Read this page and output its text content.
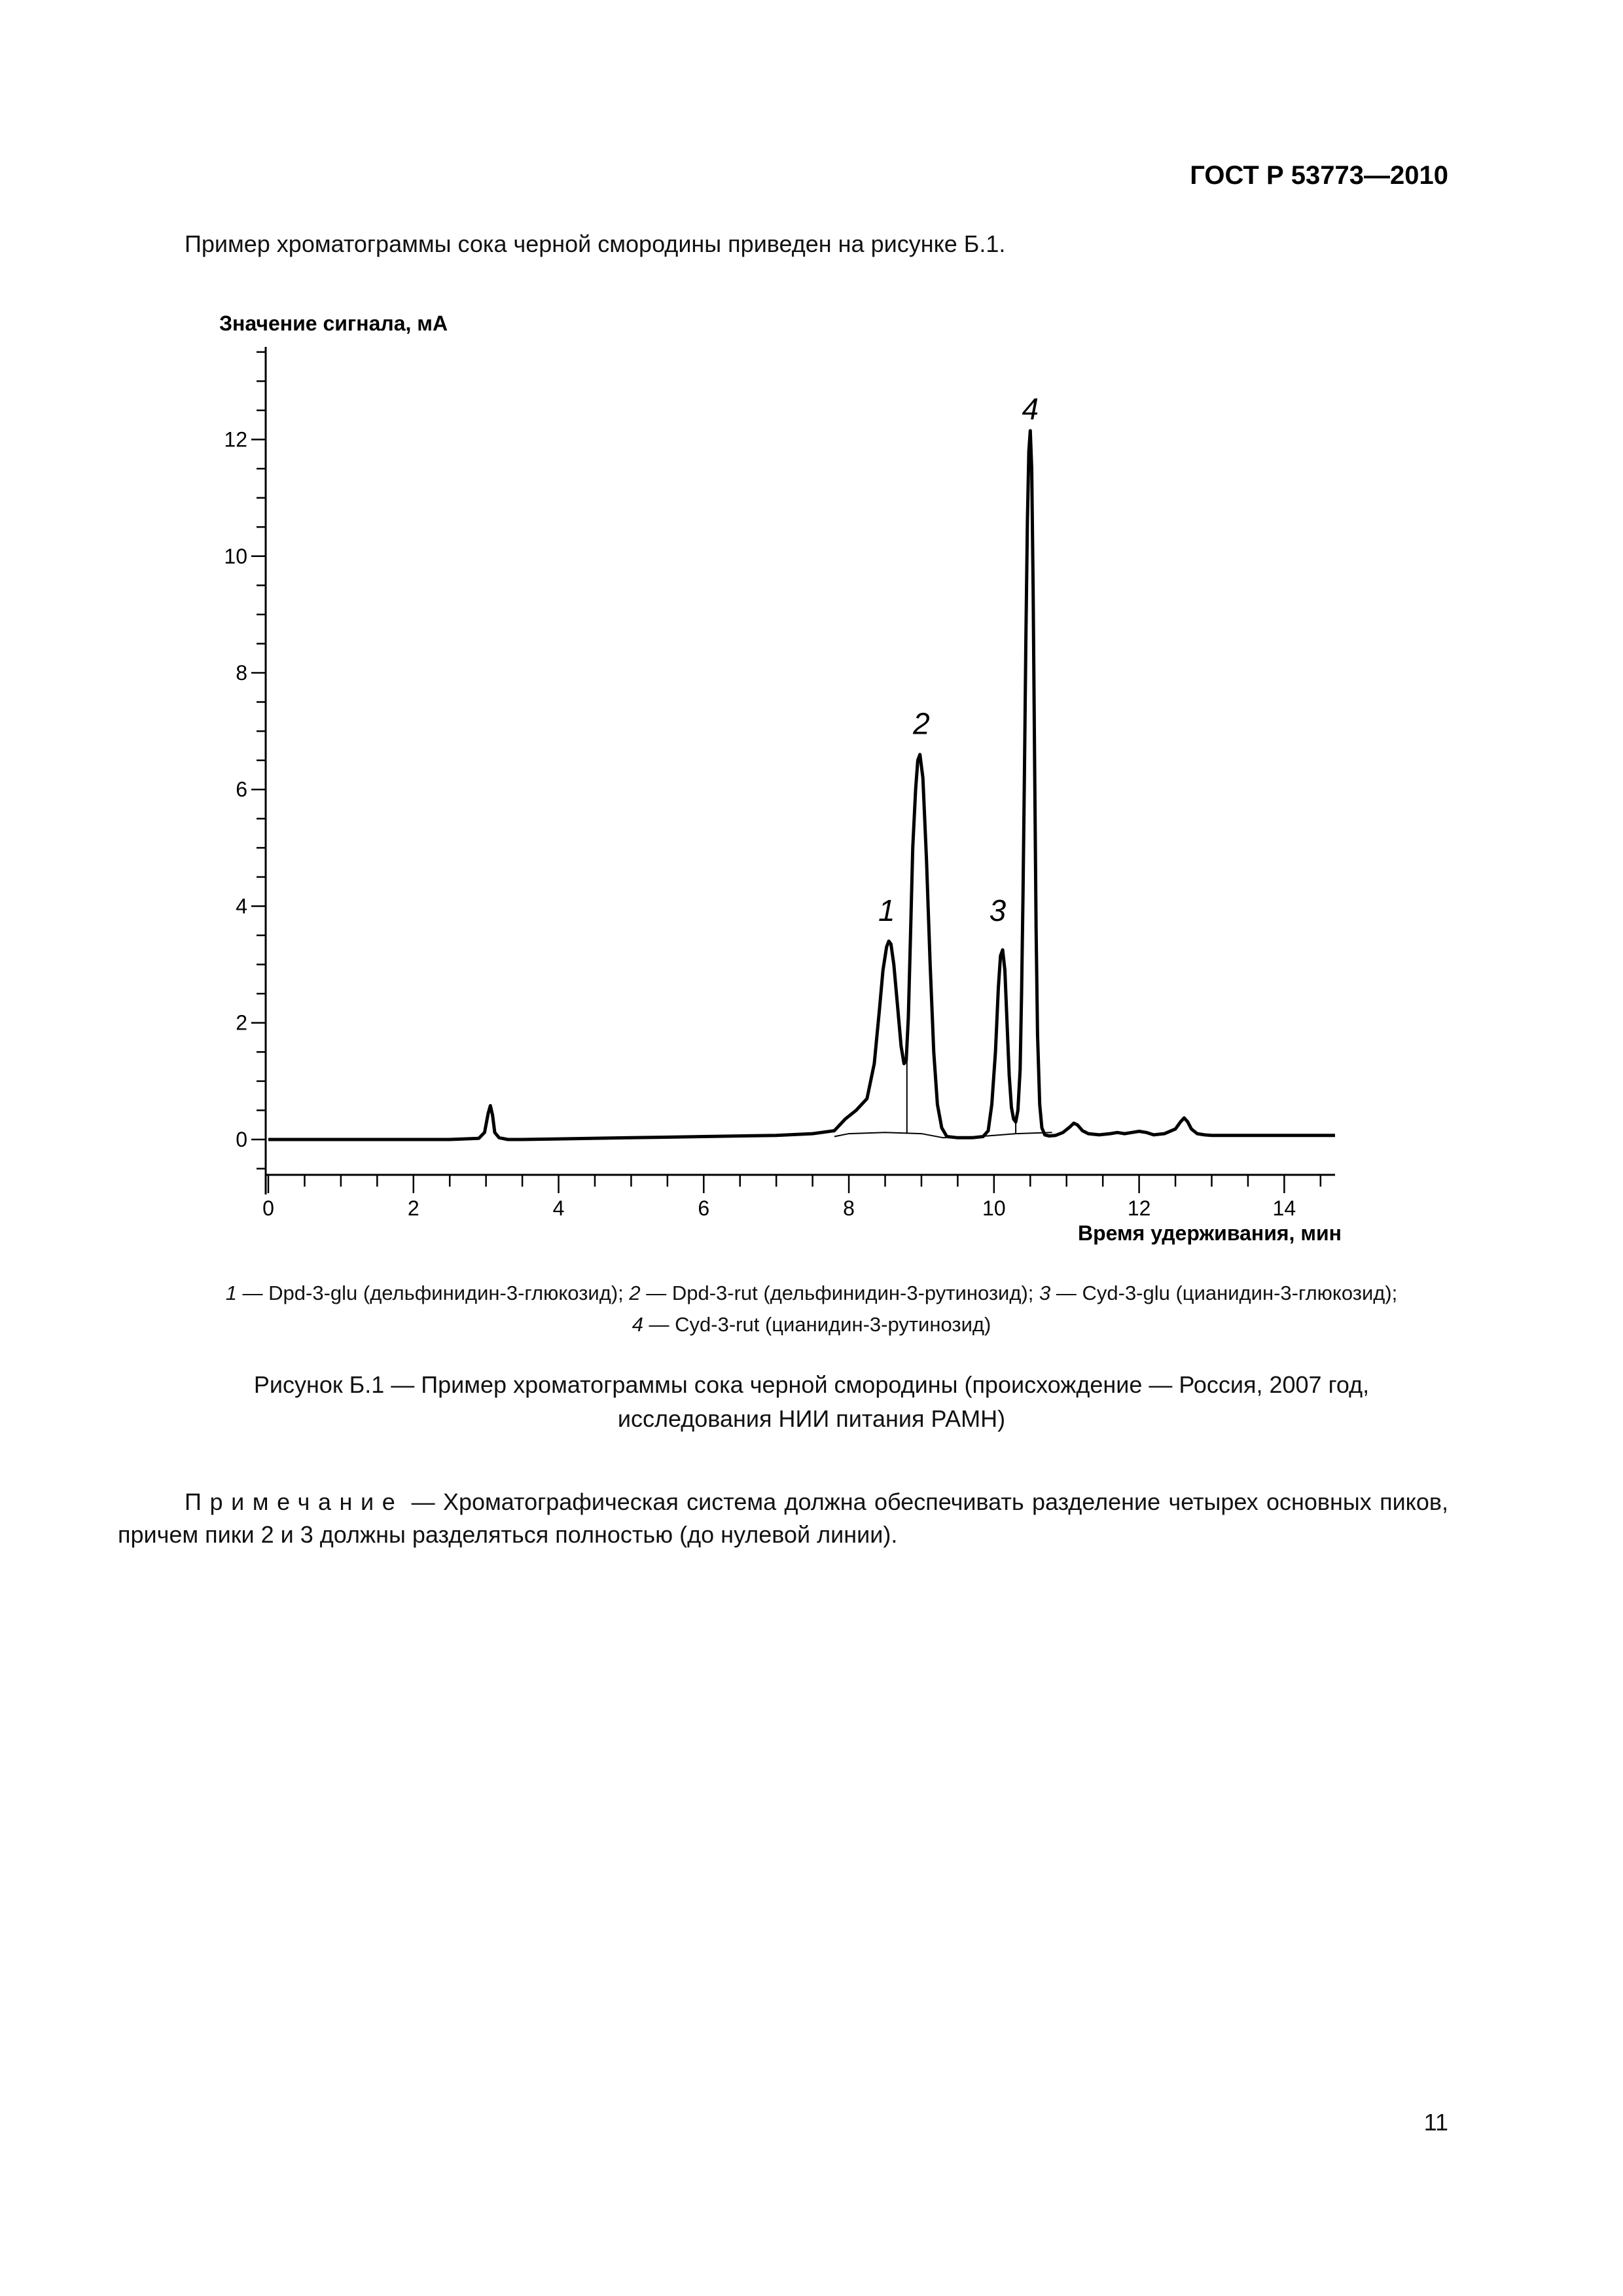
ГОСТ Р 53773—2010
Пример хроматограммы сока черной смородины приведен на рисунке Б.1.
Значение сигнала, мА
0
2
4
6
8
10
12
0	2	4	6	8	10	12	14
Время удерживания, мин
1
2
3
4
1 — Dpd-3-glu (дельфинидин-3-глюкозид); 2 — Dpd-3-rut (дельфинидин-3-рутинозид); 3 — Cyd-3-glu (цианидин-3-глюкозид);
4 — Cyd-3-rut (цианидин-3-рутинозид)
Рисунок Б.1 — Пример хроматограммы сока черной смородины (происхождение — Россия, 2007 год,
исследования НИИ питания РАМН)
Примечание — Хроматографическая система должна обеспечивать разделение четырех основных пиков, причем пики 2 и 3 должны разделяться полностью (до нулевой линии).
11
